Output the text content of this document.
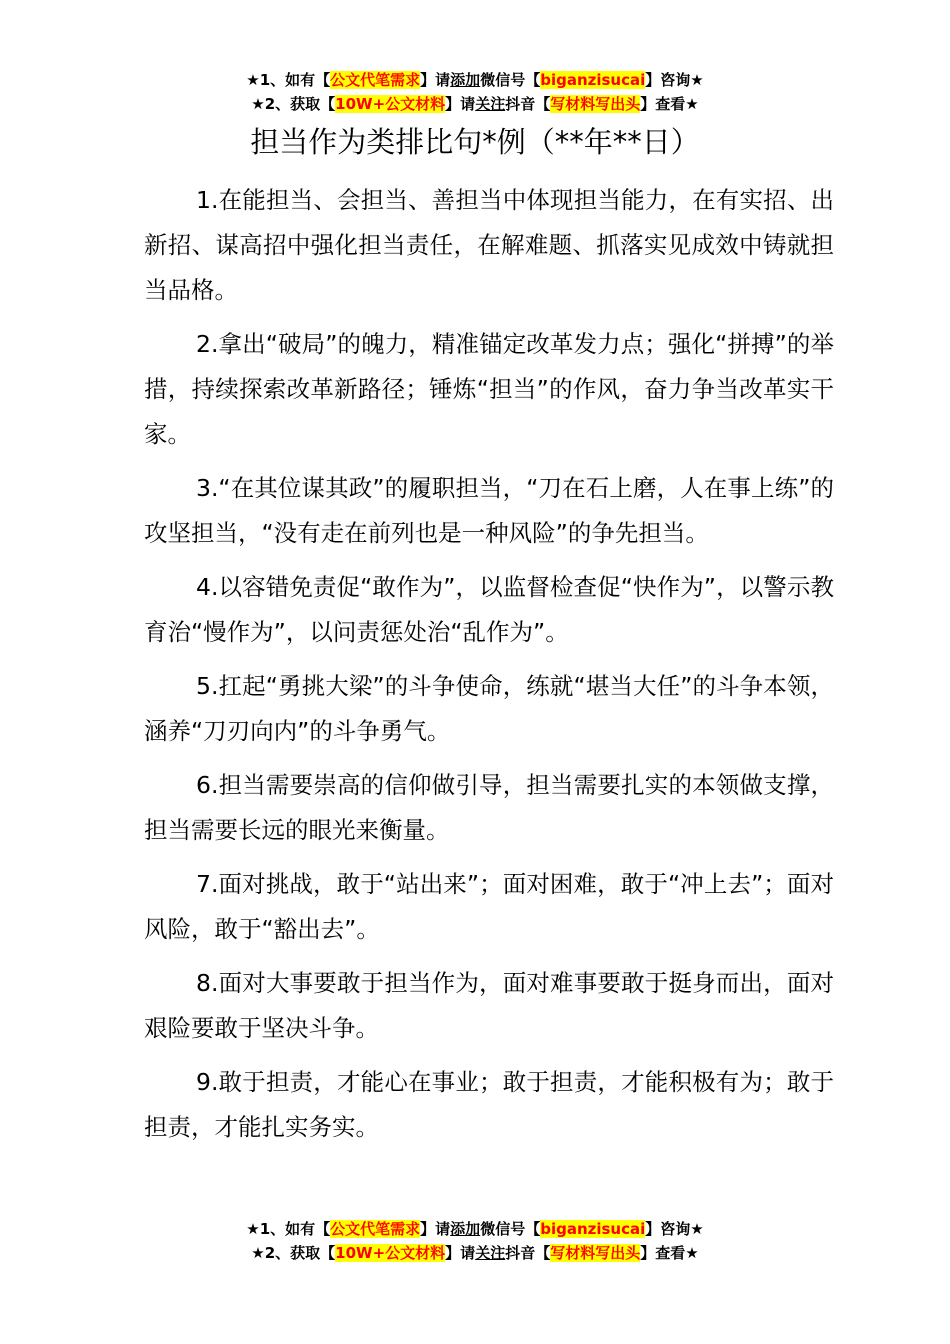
★1、如有【公文代笔需求】请添加微信号【biganzisucai】咨询★
★2、获取【10W+公文材料】请关注抖音【写材料写出头】查看★
担当作为类排比句*例（**年**日）

1.在能担当、会担当、善担当中体现担当能力，在有实招、出新招、谋高招中强化担当责任，在解难题、抓落实见成效中铸就担当品格。

2.拿出“破局”的魄力，精准锚定改革发力点；强化“拼搏”的举措，持续探索改革新路径；锤炼“担当”的作风，奋力争当改革实干家。

3.“在其位谋其政”的履职担当，“刀在石上磨，人在事上练”的攻坚担当，“没有走在前列也是一种风险”的争先担当。

4.以容错免责促“敢作为”，以监督检查促“快作为”，以警示教育治“慢作为”，以问责惩处治“乱作为”。

5.扛起“勇挑大梁”的斗争使命，练就“堪当大任”的斗争本领，涵养“刀刃向内”的斗争勇气。

6.担当需要崇高的信仰做引导，担当需要扎实的本领做支撑，担当需要长远的眼光来衡量。

7.面对挑战，敢于“站出来”；面对困难，敢于“冲上去”；面对风险，敢于“豁出去”。

8.面对大事要敢于担当作为，面对难事要敢于挺身而出，面对艰险要敢于坚决斗争。

9.敢于担责，才能心在事业；敢于担责，才能积极有为；敢于担责，才能扎实务实。

★1、如有【公文代笔需求】请添加微信号【biganzisucai】咨询★
★2、获取【10W+公文材料】请关注抖音【写材料写出头】查看★
